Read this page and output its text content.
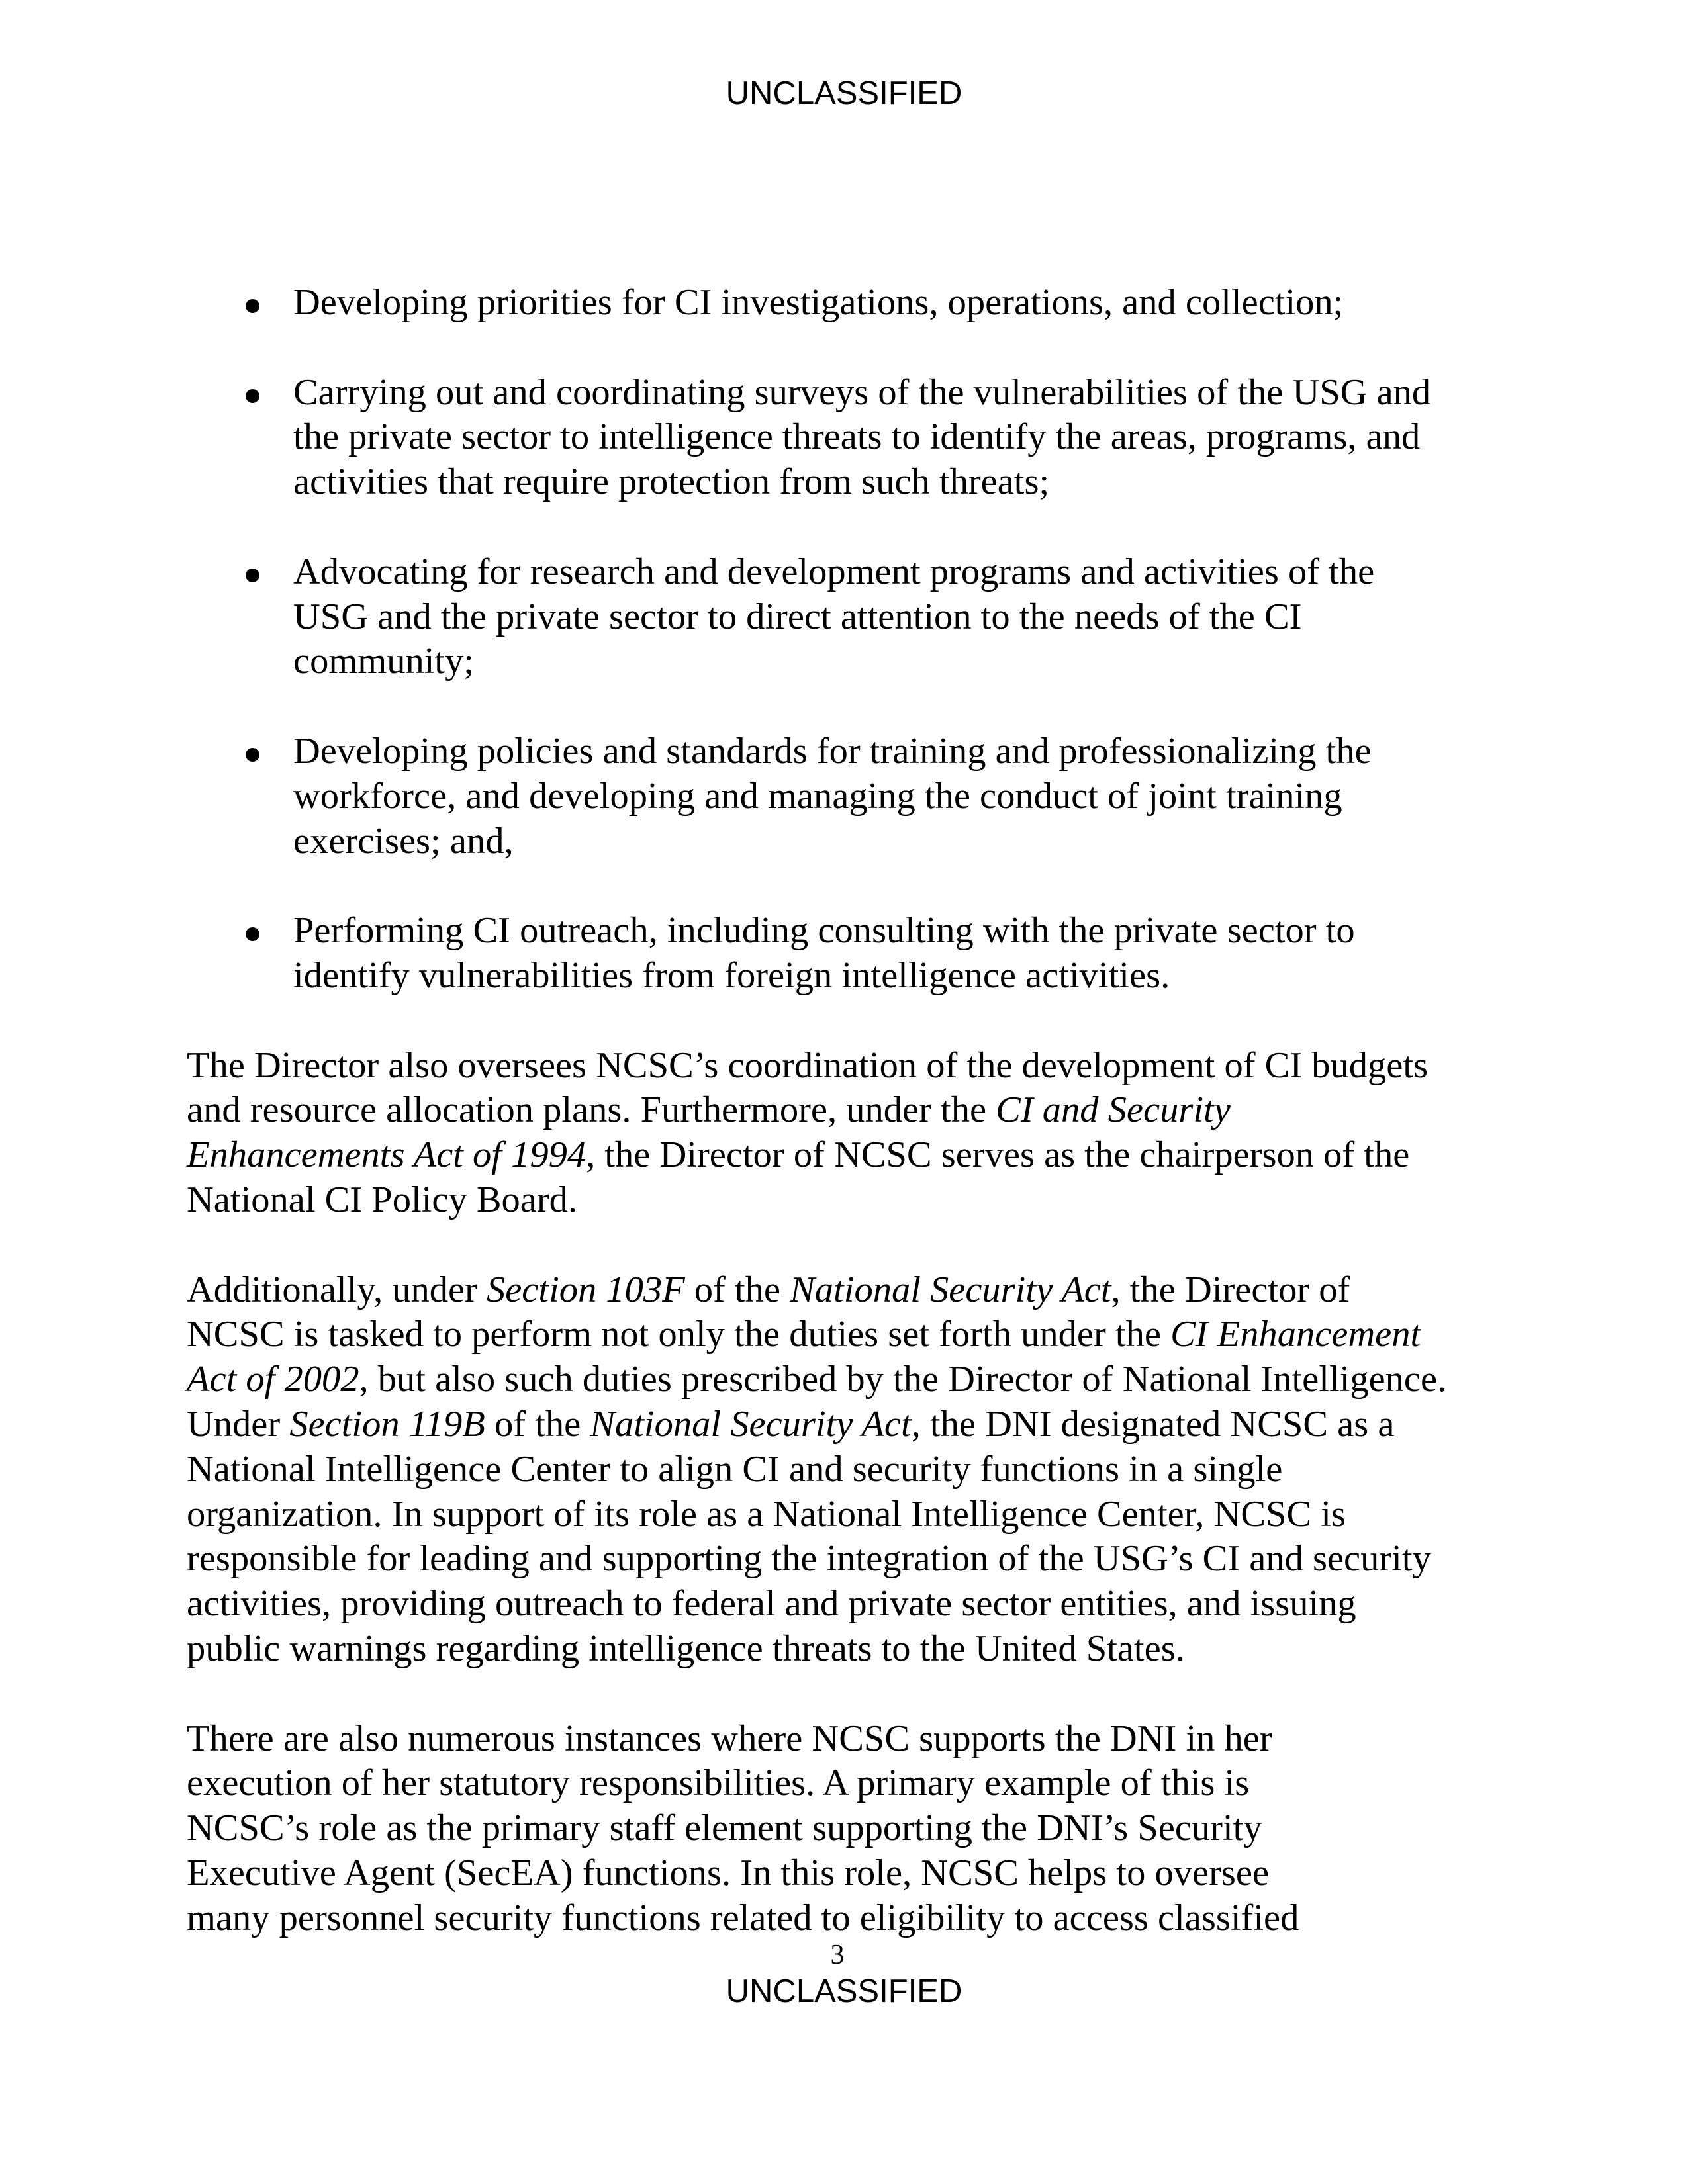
UNCLASSIFIED
Developing priorities for CI investigations, operations, and collection;
Carrying out and coordinating surveys of the vulnerabilities of the USG and
the private sector to intelligence threats to identify the areas, programs, and
activities that require protection from such threats;
Advocating for research and development programs and activities of the
USG and the private sector to direct attention to the needs of the CI
community;
Developing policies and standards for training and professionalizing the
workforce, and developing and managing the conduct of joint training
exercises; and,
Performing CI outreach, including consulting with the private sector to
identify vulnerabilities from foreign intelligence activities.
The Director also oversees NCSC’s coordination of the development of CI budgets
and resource allocation plans. Furthermore, under the CI and Security
Enhancements Act of 1994, the Director of NCSC serves as the chairperson of the
National CI Policy Board.
Additionally, under Section 103F of the National Security Act, the Director of
NCSC is tasked to perform not only the duties set forth under the CI Enhancement
Act of 2002, but also such duties prescribed by the Director of National Intelligence.
Under Section 119B of the National Security Act, the DNI designated NCSC as a
National Intelligence Center to align CI and security functions in a single
organization. In support of its role as a National Intelligence Center, NCSC is
responsible for leading and supporting the integration of the USG’s CI and security
activities, providing outreach to federal and private sector entities, and issuing
public warnings regarding intelligence threats to the United States.
There are also numerous instances where NCSC supports the DNI in her
execution of her statutory responsibilities. A primary example of this is
NCSC’s role as the primary staff element supporting the DNI’s Security
Executive Agent (SecEA) functions. In this role, NCSC helps to oversee
many personnel security functions related to eligibility to access classified
3
UNCLASSIFIED
